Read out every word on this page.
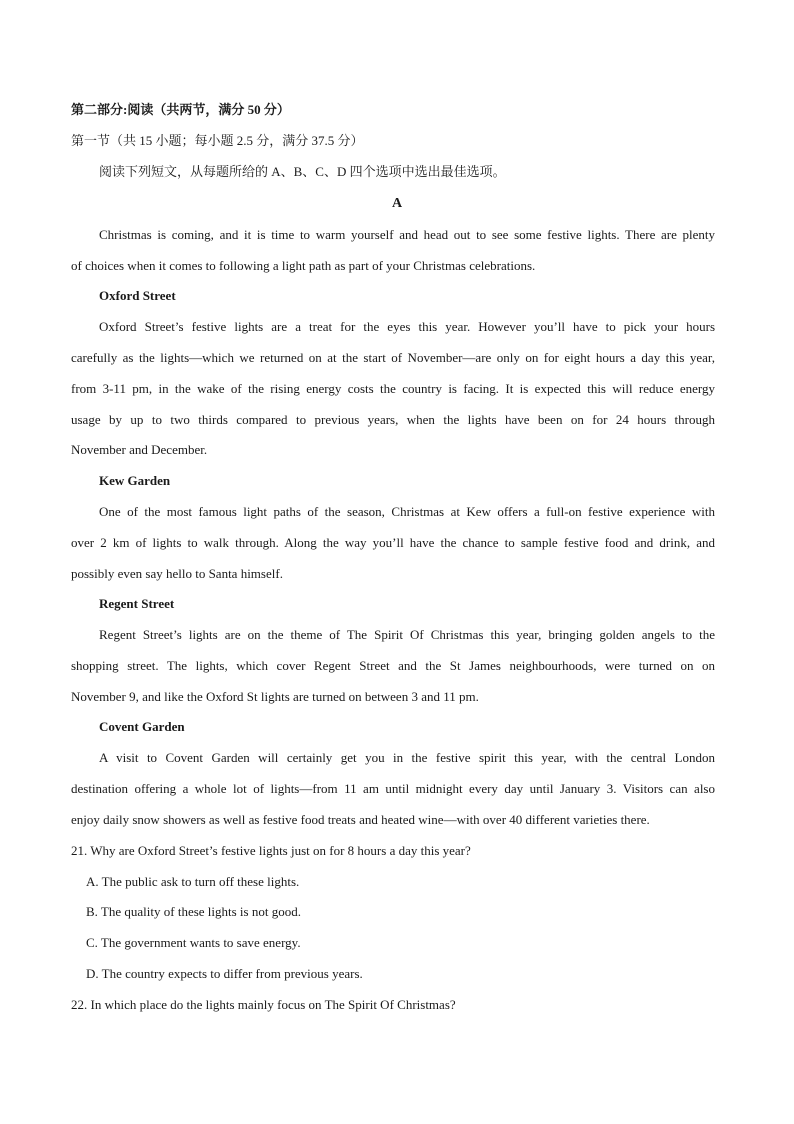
第二部分:阅读（共两节，满分 50 分）
第一节（共 15 小题；每小题 2.5 分，满分 37.5 分）
阅读下列短文，从每题所给的 A、B、C、D 四个选项中选出最佳选项。
A
Christmas is coming, and it is time to warm yourself and head out to see some festive lights. There are plenty
of choices when it comes to following a light path as part of your Christmas celebrations.
Oxford Street
Oxford Street’s festive lights are a treat for the eyes this year. However you’ll have to pick your hours
carefully as the lights—which we returned on at the start of November—are only on for eight hours a day this year,
from 3-11 pm, in the wake of the rising energy costs the country is facing. It is expected this will reduce energy
usage by up to two thirds compared to previous years, when the lights have been on for 24 hours through
November and December.
Kew Garden
One of the most famous light paths of the season, Christmas at Kew offers a full-on festive experience with
over 2 km of lights to walk through. Along the way you’ll have the chance to sample festive food and drink, and
possibly even say hello to Santa himself.
Regent Street
Regent Street’s lights are on the theme of The Spirit Of Christmas this year, bringing golden angels to the
shopping street. The lights, which cover Regent Street and the St James neighbourhoods, were turned on on
November 9, and like the Oxford St lights are turned on between 3 and 11 pm.
Covent Garden
A visit to Covent Garden will certainly get you in the festive spirit this year, with the central London
destination offering a whole lot of lights—from 11 am until midnight every day until January 3. Visitors can also
enjoy daily snow showers as well as festive food treats and heated wine—with over 40 different varieties there.
21. Why are Oxford Street’s festive lights just on for 8 hours a day this year?
A. The public ask to turn off these lights.
B. The quality of these lights is not good.
C. The government wants to save energy.
D. The country expects to differ from previous years.
22. In which place do the lights mainly focus on The Spirit Of Christmas?
